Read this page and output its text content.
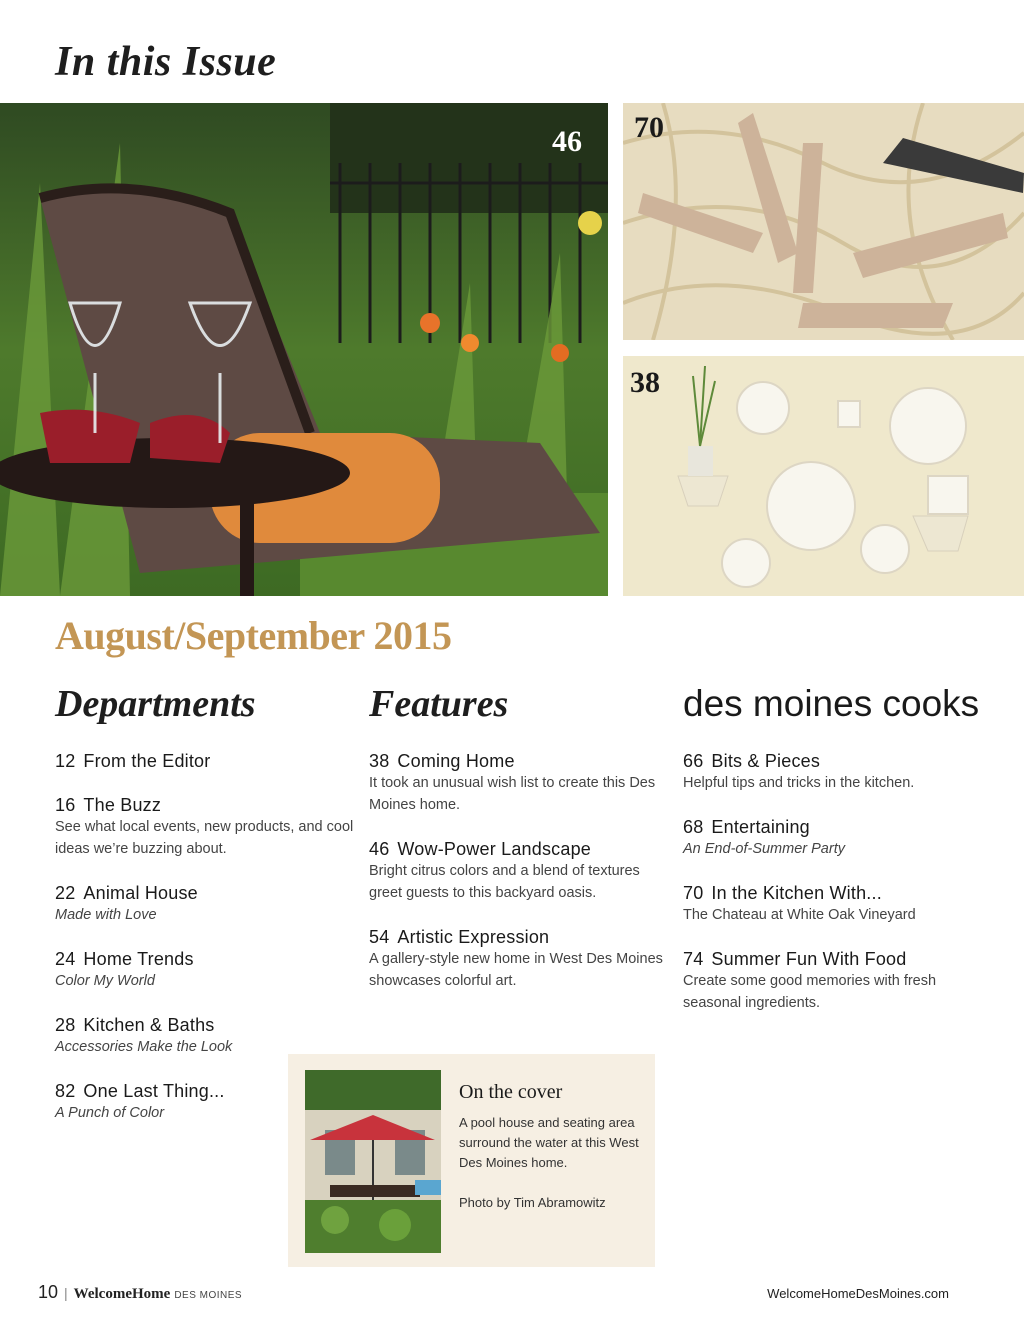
In this Issue
46 70
38
August/September 2015
Departments
12 From the Editor
16 The Buzz
See what local events, new products, and cool ideas we’re buzzing about.
22 Animal House
Made with Love
24 Home Trends
Color My World
28 Kitchen & Baths
Accessories Make the Look
82 One Last Thing...
A Punch of Color
Features
38 Coming Home
It took an unusual wish list to create this Des Moines home.
46 Wow-Power Landscape
Bright citrus colors and a blend of textures greet guests to this backyard oasis.
54 Artistic Expression
A gallery-style new home in West Des Moines showcases colorful art.
des moines cooks
66 Bits & Pieces
Helpful tips and tricks in the kitchen.
68 Entertaining
An End-of-Summer Party
70 In the Kitchen With...
The Chateau at White Oak Vineyard
74 Summer Fun With Food
Create some good memories with fresh seasonal ingredients.
On the cover
A pool house and seating area surround the water at this West Des Moines home.
Photo by Tim Abramowitz
10 | WelcomeHome DES MOINES	WelcomeHomeDesMoines.com
